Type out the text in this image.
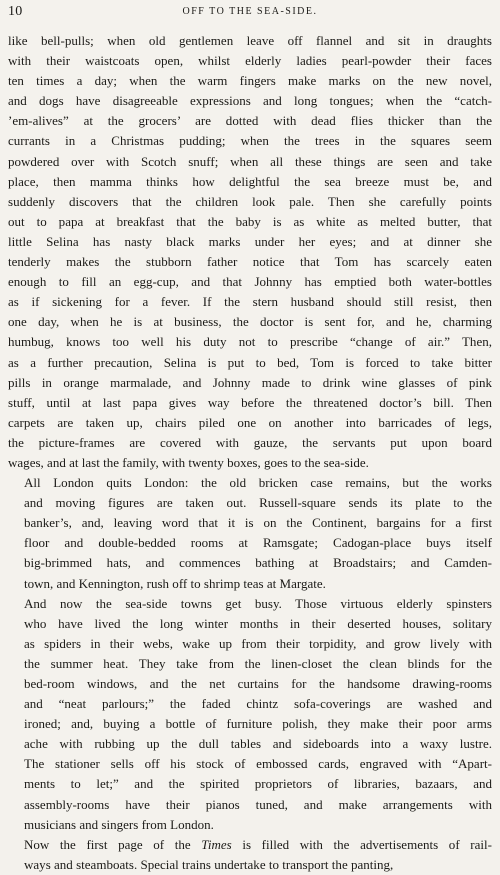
10	OFF TO THE SEA-SIDE.

like bell-pulls; when old gentlemen leave off flannel and sit in draughts
with their waistcoats open, whilst elderly ladies pearl-powder their faces
ten times a day; when the warm fingers make marks on the new novel,
and dogs have disagreeable expressions and long tongues; when the “catch-
’em-alives” at the grocers’ are dotted with dead flies thicker than the
currants in a Christmas pudding; when the trees in the squares seem
powdered over with Scotch snuff; when all these things are seen and take
place, then mamma thinks how delightful the sea breeze must be, and
suddenly discovers that the children look pale. Then she carefully points
out to papa at breakfast that the baby is as white as melted butter, that
little Selina has nasty black marks under her eyes; and at dinner she
tenderly makes the stubborn father notice that Tom has scarcely eaten
enough to fill an egg-cup, and that Johnny has emptied both water-bottles
as if sickening for a fever. If the stern husband should still resist, then
one day, when he is at business, the doctor is sent for, and he, charming
humbug, knows too well his duty not to prescribe “change of air.” Then,
as a further precaution, Selina is put to bed, Tom is forced to take bitter
pills in orange marmalade, and Johnny made to drink wine glasses of pink
stuff, until at last papa gives way before the threatened doctor’s bill. Then
carpets are taken up, chairs piled one on another into barricades of legs,
the picture-frames are covered with gauze, the servants put upon board
wages, and at last the family, with twenty boxes, goes to the sea-side.

All London quits London: the old bricken case remains, but the works
and moving figures are taken out. Russell-square sends its plate to the
banker’s, and, leaving word that it is on the Continent, bargains for a first
floor and double-bedded rooms at Ramsgate; Cadogan-place buys itself
big-brimmed hats, and commences bathing at Broadstairs; and Camden-
town, and Kennington, rush off to shrimp teas at Margate.

And now the sea-side towns get busy. Those virtuous elderly spinsters
who have lived the long winter months in their deserted houses, solitary
as spiders in their webs, wake up from their torpidity, and grow lively with
the summer heat. They take from the linen-closet the clean blinds for the
bed-room windows, and the net curtains for the handsome drawing-rooms
and “neat parlours;” the faded chintz sofa-coverings are washed and
ironed; and, buying a bottle of furniture polish, they make their poor arms
ache with rubbing up the dull tables and sideboards into a waxy lustre.
The stationer sells off his stock of embossed cards, engraved with “Apart-
ments to let;” and the spirited proprietors of libraries, bazaars, and
assembly-rooms have their pianos tuned, and make arrangements with
musicians and singers from London.

Now the first page of the Times is filled with the advertisements of rail-
ways and steamboats. Special trains undertake to transport the panting,
